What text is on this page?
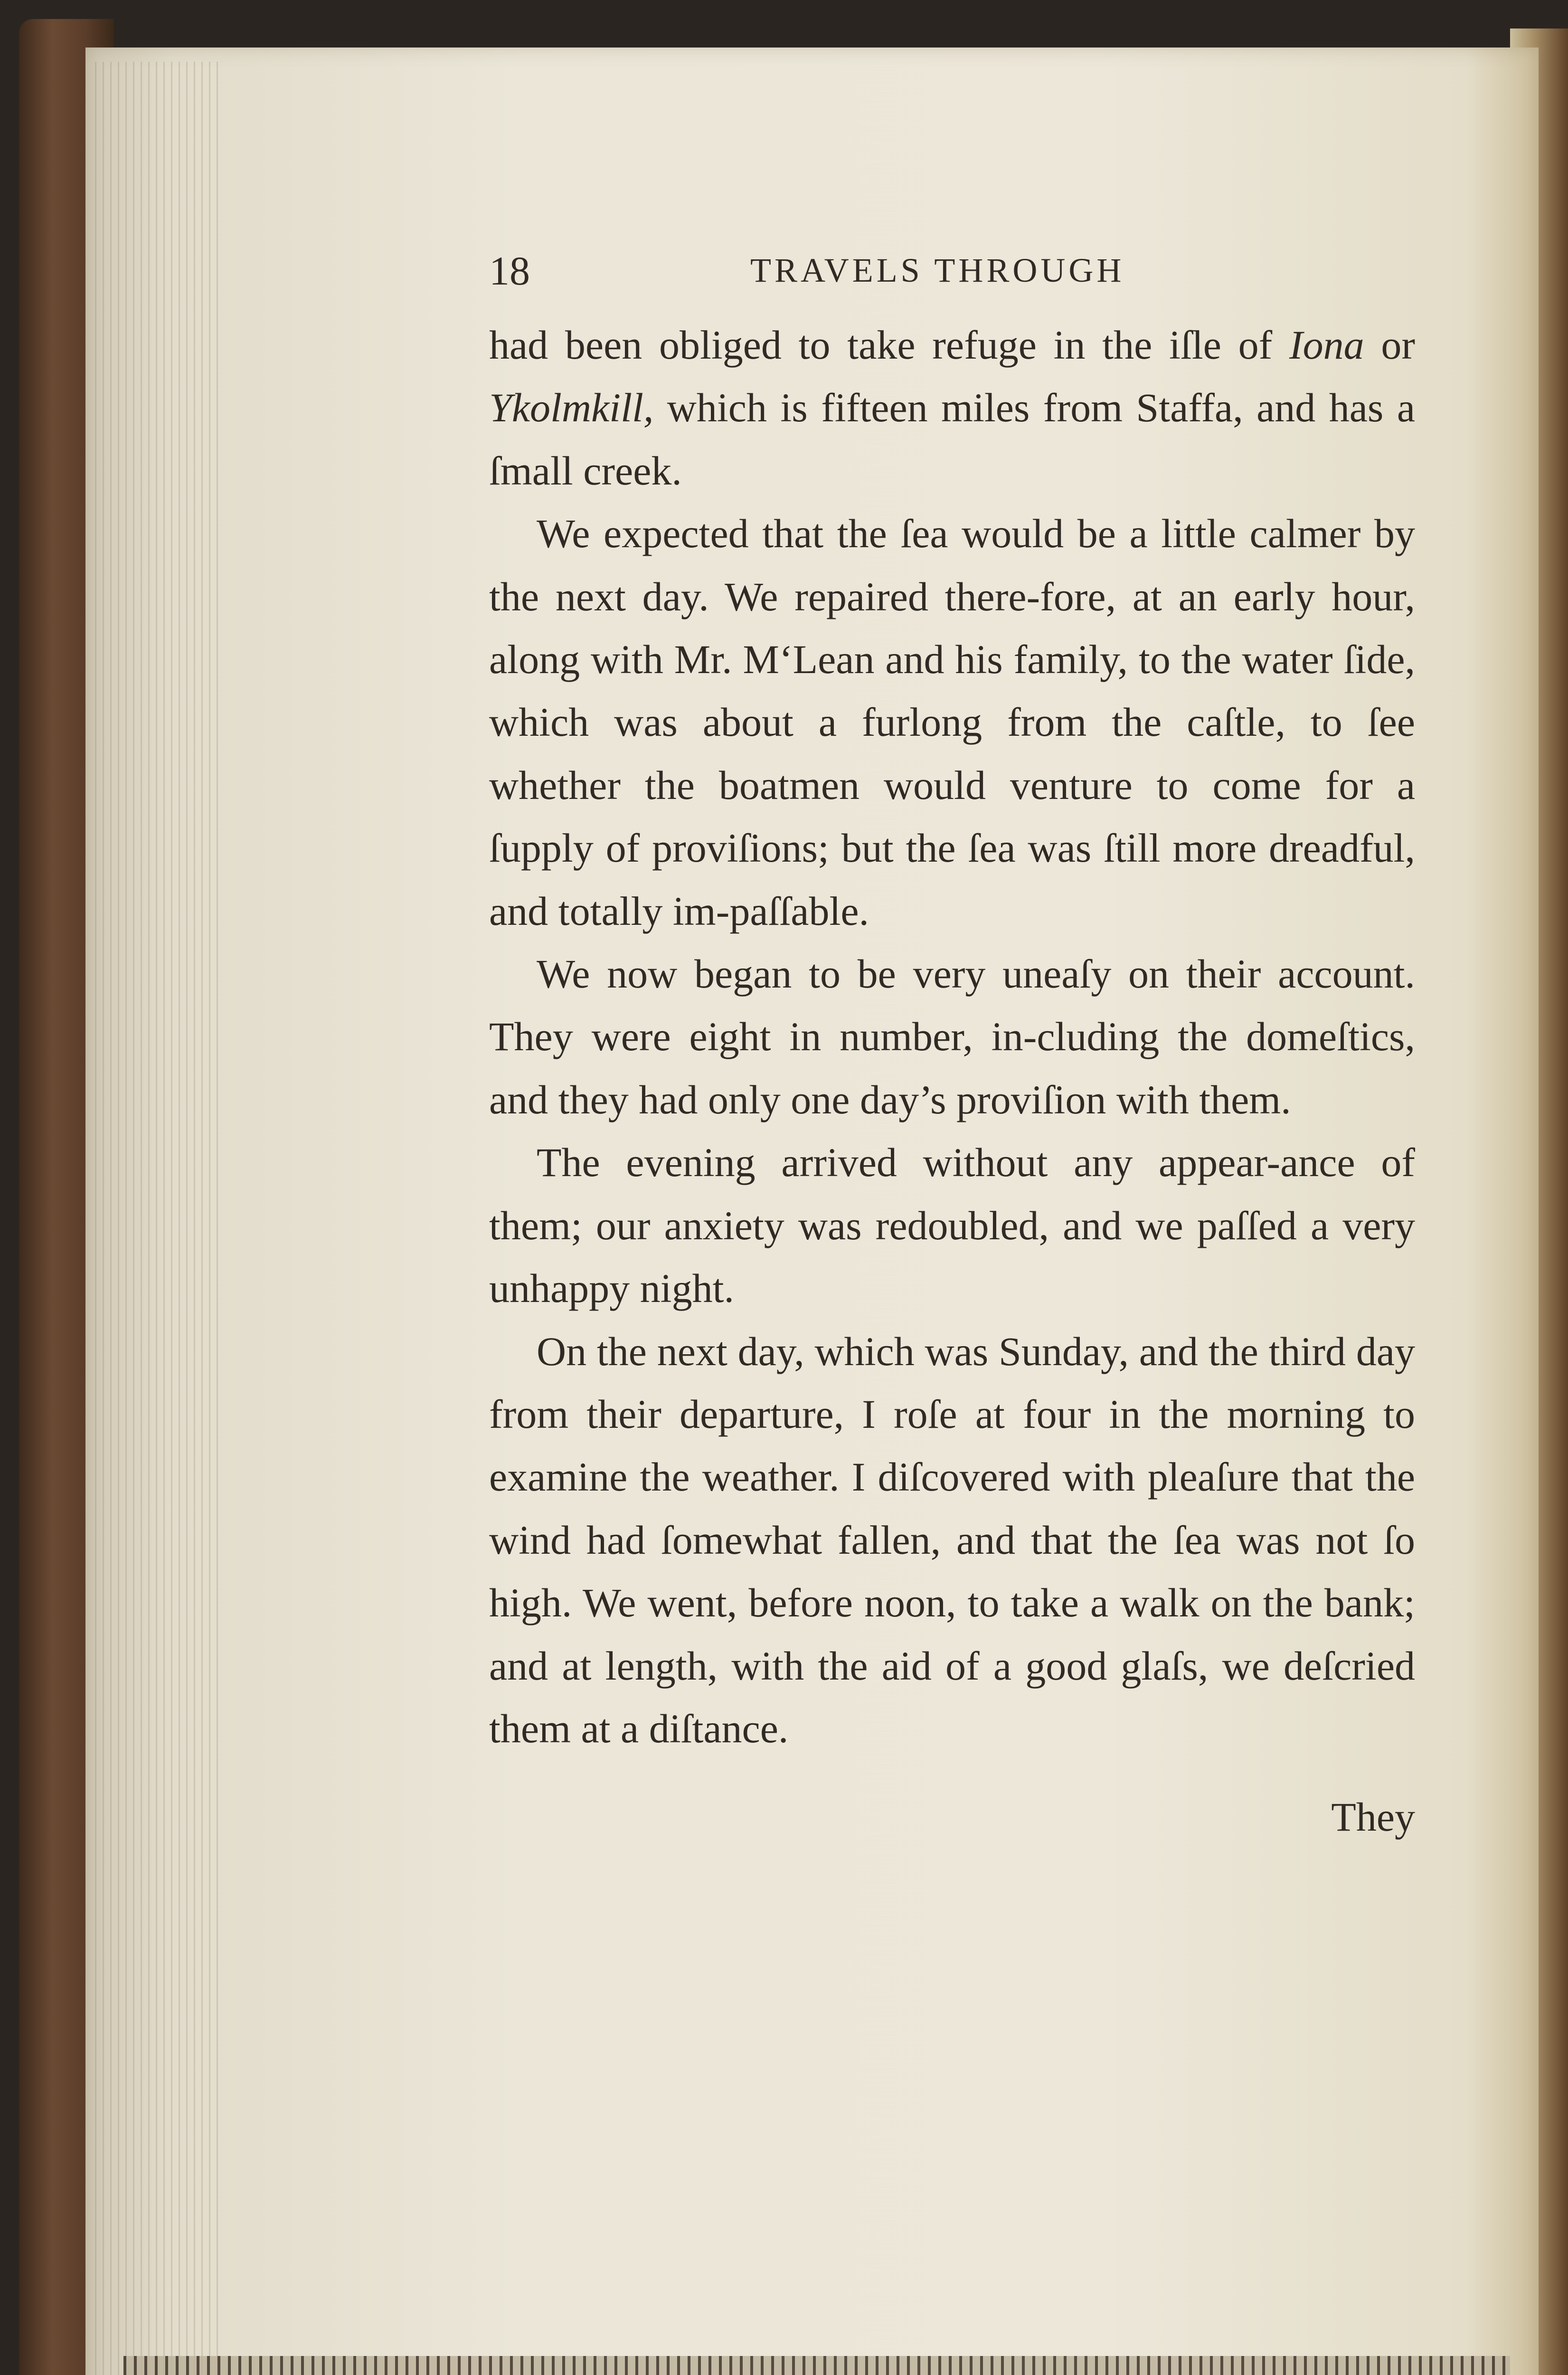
18	TRAVELS THROUGH

had been obliged to take refuge in the iſle of Iona or Ykolmkill, which is fifteen miles from Staffa, and has a ſmall creek.

We expected that the ſea would be a little calmer by the next day. We repaired there-fore, at an early hour, along with Mr. M‘Lean and his family, to the water ſide, which was about a furlong from the caſtle, to ſee whether the boatmen would venture to come for a ſupply of proviſions; but the ſea was ſtill more dreadful, and totally im-paſſable.

We now began to be very uneaſy on their account. They were eight in number, in-cluding the domeſtics, and they had only one day’s proviſion with them.

The evening arrived without any appear-ance of them; our anxiety was redoubled, and we paſſed a very unhappy night.

On the next day, which was Sunday, and the third day from their departure, I roſe at four in the morning to examine the weather. I diſcovered with pleaſure that the wind had ſomewhat fallen, and that the ſea was not ſo high. We went, before noon, to take a walk on the bank; and at length, with the aid of a good glaſs, we deſcried them at a diſtance.

They
